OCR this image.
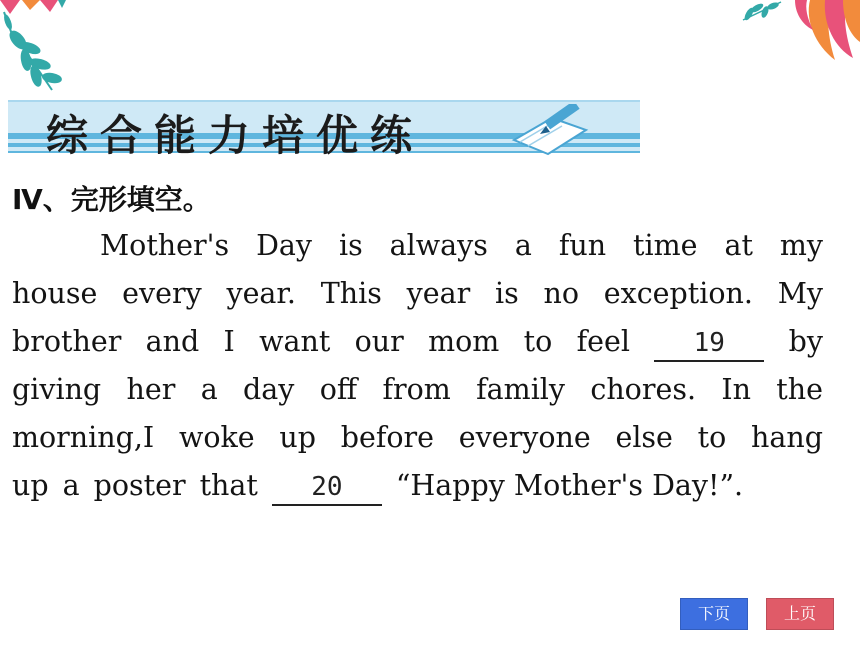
综合能力培优练
Ⅳ、完形填空。
Mother's Day is always a fun time at my
house every year. This year is no exception. My
brother and I want our mom to feel	19	by
giving her a day off from family chores. In the
morning,I woke up before everyone else to hang
up a poster that	20	“Happy Mother's Day!”.
下页	上页
